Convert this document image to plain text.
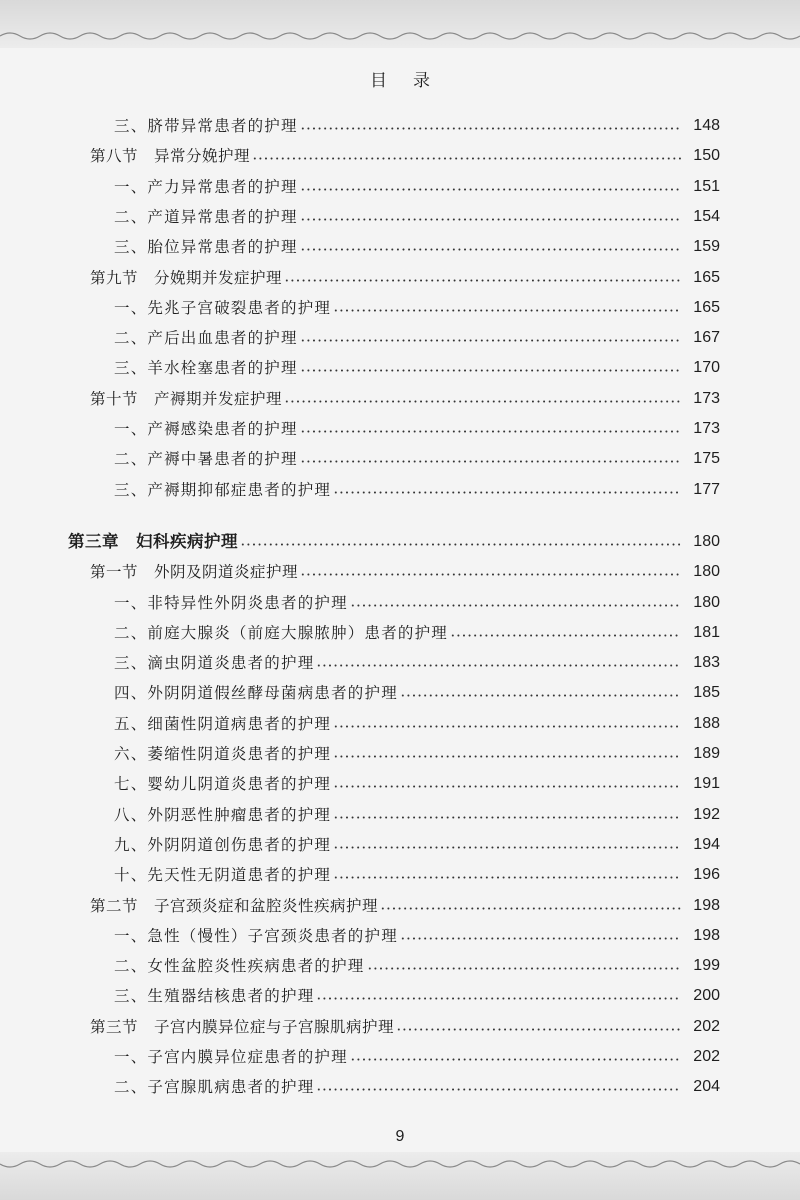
目录
三、脐带异常患者的护理	148
第八节　异常分娩护理	150
一、产力异常患者的护理	151
二、产道异常患者的护理	154
三、胎位异常患者的护理	159
第九节　分娩期并发症护理	165
一、先兆子宫破裂患者的护理	165
二、产后出血患者的护理	167
三、羊水栓塞患者的护理	170
第十节　产褥期并发症护理	173
一、产褥感染患者的护理	173
二、产褥中暑患者的护理	175
三、产褥期抑郁症患者的护理	177
第三章　妇科疾病护理	180
第一节　外阴及阴道炎症护理	180
一、非特异性外阴炎患者的护理	180
二、前庭大腺炎（前庭大腺脓肿）患者的护理	181
三、滴虫阴道炎患者的护理	183
四、外阴阴道假丝酵母菌病患者的护理	185
五、细菌性阴道病患者的护理	188
六、萎缩性阴道炎患者的护理	189
七、婴幼儿阴道炎患者的护理	191
八、外阴恶性肿瘤患者的护理	192
九、外阴阴道创伤患者的护理	194
十、先天性无阴道患者的护理	196
第二节　子宫颈炎症和盆腔炎性疾病护理	198
一、急性（慢性）子宫颈炎患者的护理	198
二、女性盆腔炎性疾病患者的护理	199
三、生殖器结核患者的护理	200
第三节　子宫内膜异位症与子宫腺肌病护理	202
一、子宫内膜异位症患者的护理	202
二、子宫腺肌病患者的护理	204
9
